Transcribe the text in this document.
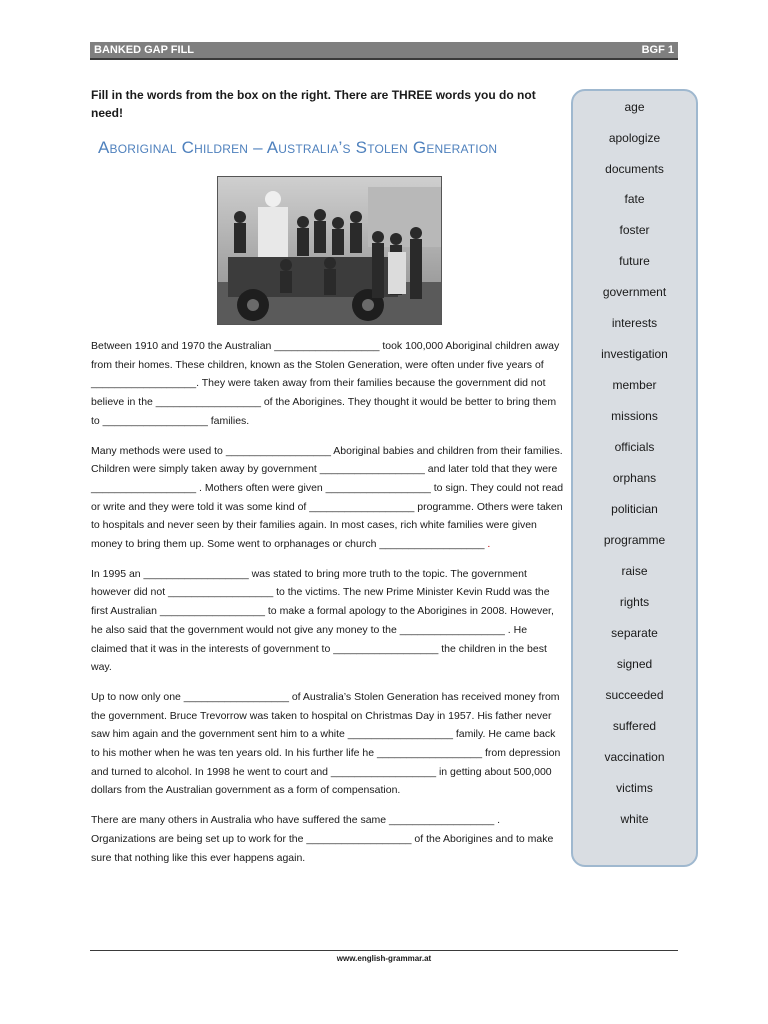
BANKED GAP FILL	BGF 1
Fill in the words from the box on the right. There are THREE words you do not need!
Aboriginal Children – Australia’s Stolen Generation

Between 1910 and 1970 the Australian __________________ took 100,000 Aboriginal children away from their homes. These children, known as the Stolen Generation, were often under five years of __________________. They were taken away from their families because the government did not believe in the __________________ of the Aborigines. They thought it would be better to bring them to __________________ families.

Many methods were used to __________________ Aboriginal babies and children from their families. Children were simply taken away by government __________________ and later told that they were __________________ . Mothers often were given __________________ to sign. They could not read or write and they were told it was some kind of __________________ programme. Others were taken to hospitals and never seen by their families again. In most cases, rich white families were given money to bring them up. Some went to orphanages or church __________________ .

In 1995 an __________________ was stated to bring more truth to the topic. The government however did not __________________ to the victims. The new Prime Minister Kevin Rudd was the first Australian __________________ to make a formal apology to the Aborigines in 2008. However, he also said that the government would not give any money to the __________________ . He claimed that it was in the interests of government to __________________ the children in the best way.

Up to now only one __________________ of Australia’s Stolen Generation has received money from the government. Bruce Trevorrow was taken to hospital on Christmas Day in 1957. His father never saw him again and the government sent him to a white __________________ family. He came back to his mother when he was ten years old. In his further life he __________________ from depression and turned to alcohol. In 1998 he went to court and __________________ in getting about 500,000 dollars from the Australian government as a form of compensation.

There are many others in Australia who have suffered the same __________________ . Organizations are being set up to work for the __________________ of the Aborigines and to make sure that nothing like this ever happens again.

age
apologize
documents
fate
foster
future
government
interests
investigation
member
missions
officials
orphans
politician
programme
raise
rights
separate
signed
succeeded
suffered
vaccination
victims
white
www.english-grammar.at
